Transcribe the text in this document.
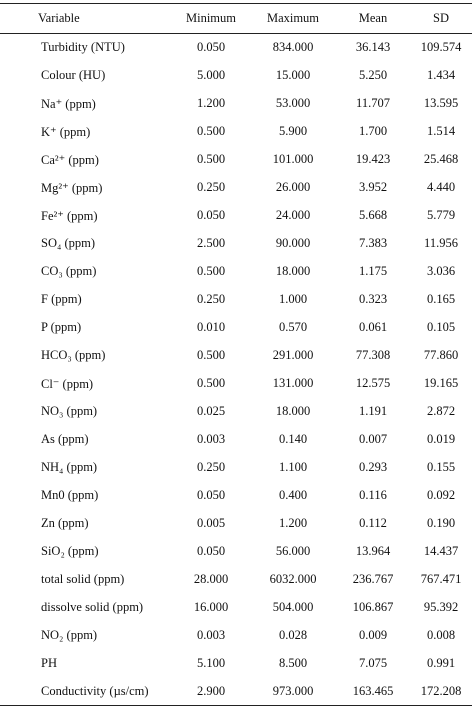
Variable	Minimum	Maximum	Mean	SD
Turbidity (NTU)	0.050	834.000	36.143	109.574
Colour (HU)	5.000	15.000	5.250	1.434
Na⁺ (ppm)	1.200	53.000	11.707	13.595
K⁺ (ppm)	0.500	5.900	1.700	1.514
Ca²⁺ (ppm)	0.500	101.000	19.423	25.468
Mg²⁺ (ppm)	0.250	26.000	3.952	4.440
Fe²⁺ (ppm)	0.050	24.000	5.668	5.779
SO₄ (ppm)	2.500	90.000	7.383	11.956
CO₃ (ppm)	0.500	18.000	1.175	3.036
F (ppm)	0.250	1.000	0.323	0.165
P (ppm)	0.010	0.570	0.061	0.105
HCO₃ (ppm)	0.500	291.000	77.308	77.860
Cl⁻ (ppm)	0.500	131.000	12.575	19.165
NO₃ (ppm)	0.025	18.000	1.191	2.872
As (ppm)	0.003	0.140	0.007	0.019
NH₄ (ppm)	0.250	1.100	0.293	0.155
Mn0 (ppm)	0.050	0.400	0.116	0.092
Zn (ppm)	0.005	1.200	0.112	0.190
SiO₂ (ppm)	0.050	56.000	13.964	14.437
total solid (ppm)	28.000	6032.000	236.767	767.471
dissolve solid (ppm)	16.000	504.000	106.867	95.392
NO₂ (ppm)	0.003	0.028	0.009	0.008
PH	5.100	8.500	7.075	0.991
Conductivity (µs/cm)	2.900	973.000	163.465	172.208
